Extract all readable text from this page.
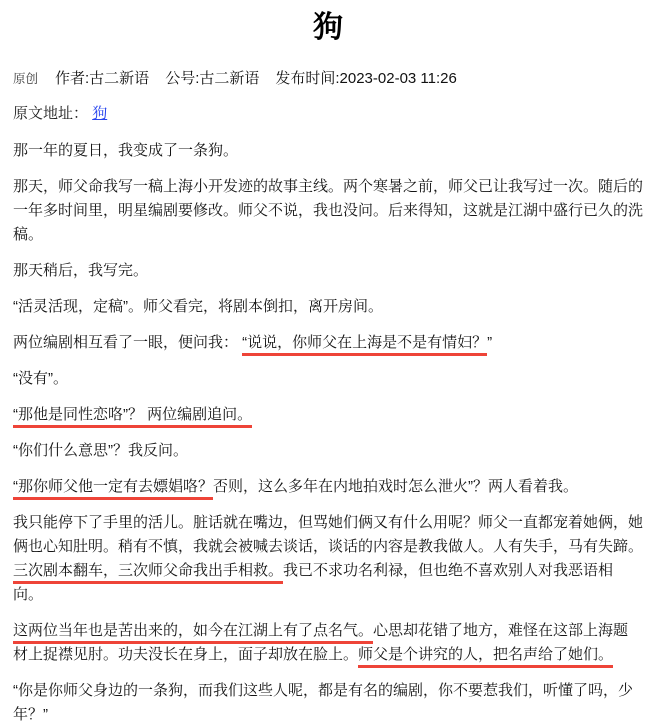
狗
原创 作者:古二新语 公号:古二新语 发布时间:2023-02-03 11:26
原文地址： 狗

那一年的夏日，我变成了一条狗。

那天，师父命我写一稿上海小开发迹的故事主线。两个寒暑之前，师父已让我写过一次。随后的一年多时间里，明星编剧要修改。师父不说，我也没问。后来得知，这就是江湖中盛行已久的洗稿。

那天稍后，我写完。

“活灵活现，定稿”。师父看完，将剧本倒扣，离开房间。

两位编剧相互看了一眼，便问我： “说说，你师父在上海是不是有情妇？”

“没有”。

“那他是同性恋咯”？ 两位编剧追问。

“你们什么意思”？我反问。

“那你师父他一定有去嫖娼咯？否则，这么多年在内地拍戏时怎么泄火”？两人看着我。

我只能停下了手里的活儿。脏话就在嘴边，但骂她们俩又有什么用呢？师父一直都宠着她俩，她俩也心知肚明。稍有不慎，我就会被喊去谈话，谈话的内容是教我做人。人有失手，马有失蹄。三次剧本翻车，三次师父命我出手相救。我已不求功名利禄，但也绝不喜欢别人对我恶语相向。

这两位当年也是苦出来的，如今在江湖上有了点名气。心思却花错了地方，难怪在这部上海题材上捉襟见肘。功夫没长在身上，面子却放在脸上。师父是个讲究的人，把名声给了她们。

“你是你师父身边的一条狗，而我们这些人呢，都是有名的编剧，你不要惹我们，听懂了吗，少年？”
